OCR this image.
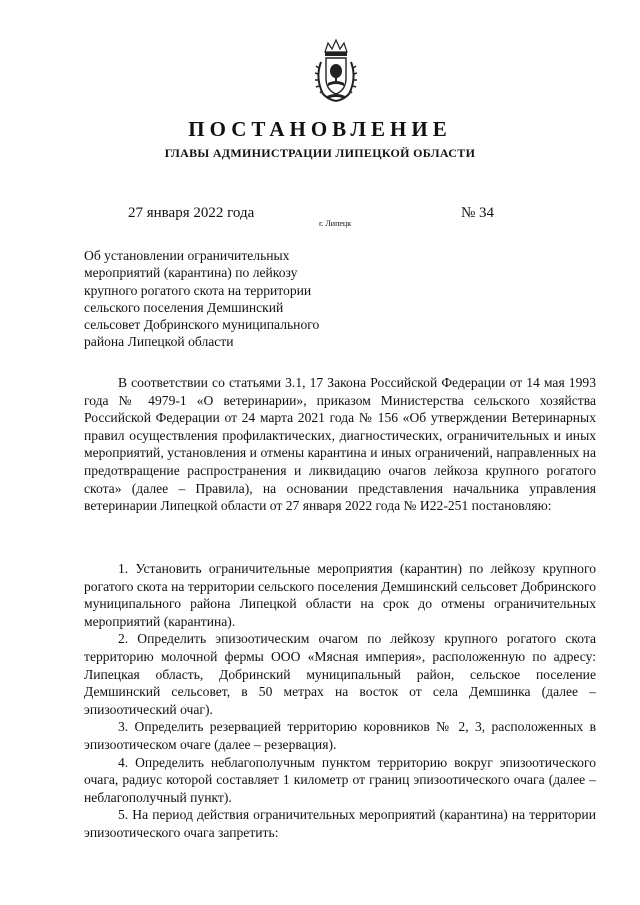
ПОСТАНОВЛЕНИЕ
ГЛАВЫ АДМИНИСТРАЦИИ ЛИПЕЦКОЙ ОБЛАСТИ
27 января 2022 года
г. Липецк
№ 34
Об установлении ограничительных
мероприятий (карантина) по лейкозу
крупного рогатого скота на территории
сельского поселения Демшинский
сельсовет Добринского муниципального
района Липецкой области

В соответствии со статьями 3.1, 17 Закона Российской Федерации от 14 мая 1993 года № 4979-1 «О ветеринарии», приказом Министерства сельского хозяйства Российской Федерации от 24 марта 2021 года № 156 «Об утверждении Ветеринарных правил осуществления профилактических, диагностических, ограничительных и иных мероприятий, установления и отмены карантина и иных ограничений, направленных на предотвращение распространения и ликвидацию очагов лейкоза крупного рогатого скота» (далее – Правила), на основании представления начальника управления ветеринарии Липецкой области от 27 января 2022 года № И22-251 постановляю:

1. Установить ограничительные мероприятия (карантин) по лейкозу крупного рогатого скота на территории сельского поселения Демшинский сельсовет Добринского муниципального района Липецкой области на срок до отмены ограничительных мероприятий (карантина).

2. Определить эпизоотическим очагом по лейкозу крупного рогатого скота территорию молочной фермы ООО «Мясная империя», расположенную по адресу: Липецкая область, Добринский муниципальный район, сельское поселение Демшинский сельсовет, в 50 метрах на восток от села Демшинка (далее – эпизоотический очаг).

3. Определить резервацией территорию коровников № 2, 3, расположенных в эпизоотическом очаге (далее – резервация).

4. Определить неблагополучным пунктом территорию вокруг эпизоотического очага, радиус которой составляет 1 километр от границ эпизоотического очага (далее – неблагополучный пункт).

5. На период действия ограничительных мероприятий (карантина) на территории эпизоотического очага запретить:
